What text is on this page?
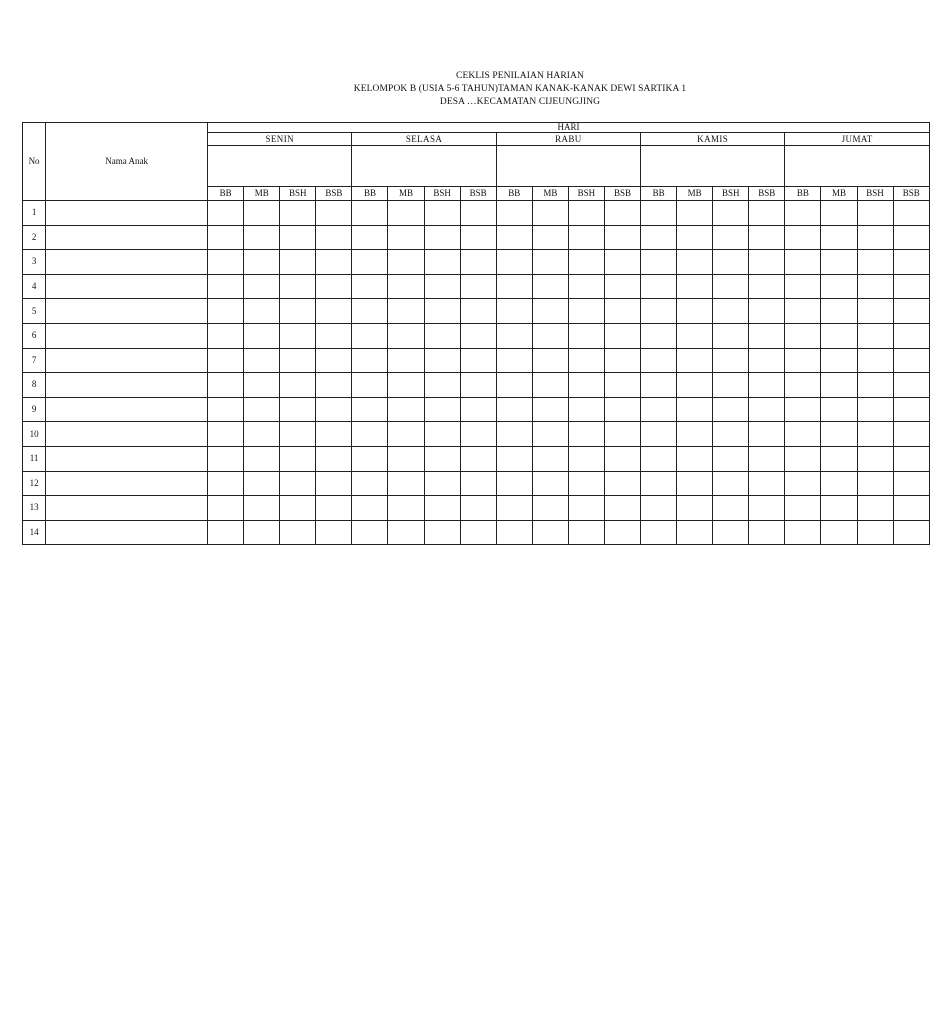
CEKLIS PENILAIAN HARIAN
KELOMPOK B (USIA 5-6 TAHUN)TAMAN KANAK-KANAK DEWI SARTIKA 1
DESA …KECAMATAN CIJEUNGJING
No	Nama Anak	HARI																			
		SENIN				SELASA				RABU				KAMIS				JUMAT			

		BB	MB	BSH	BSB	BB	MB	BSH	BSB	BB	MB	BSH	BSB	BB	MB	BSH	BSB	BB	MB	BSH	BSB
1																					
2																					
3																					
4																					
5																					
6																					
7																					
8																					
9																					
10																					
11																					
12																					
13																					
14																					
